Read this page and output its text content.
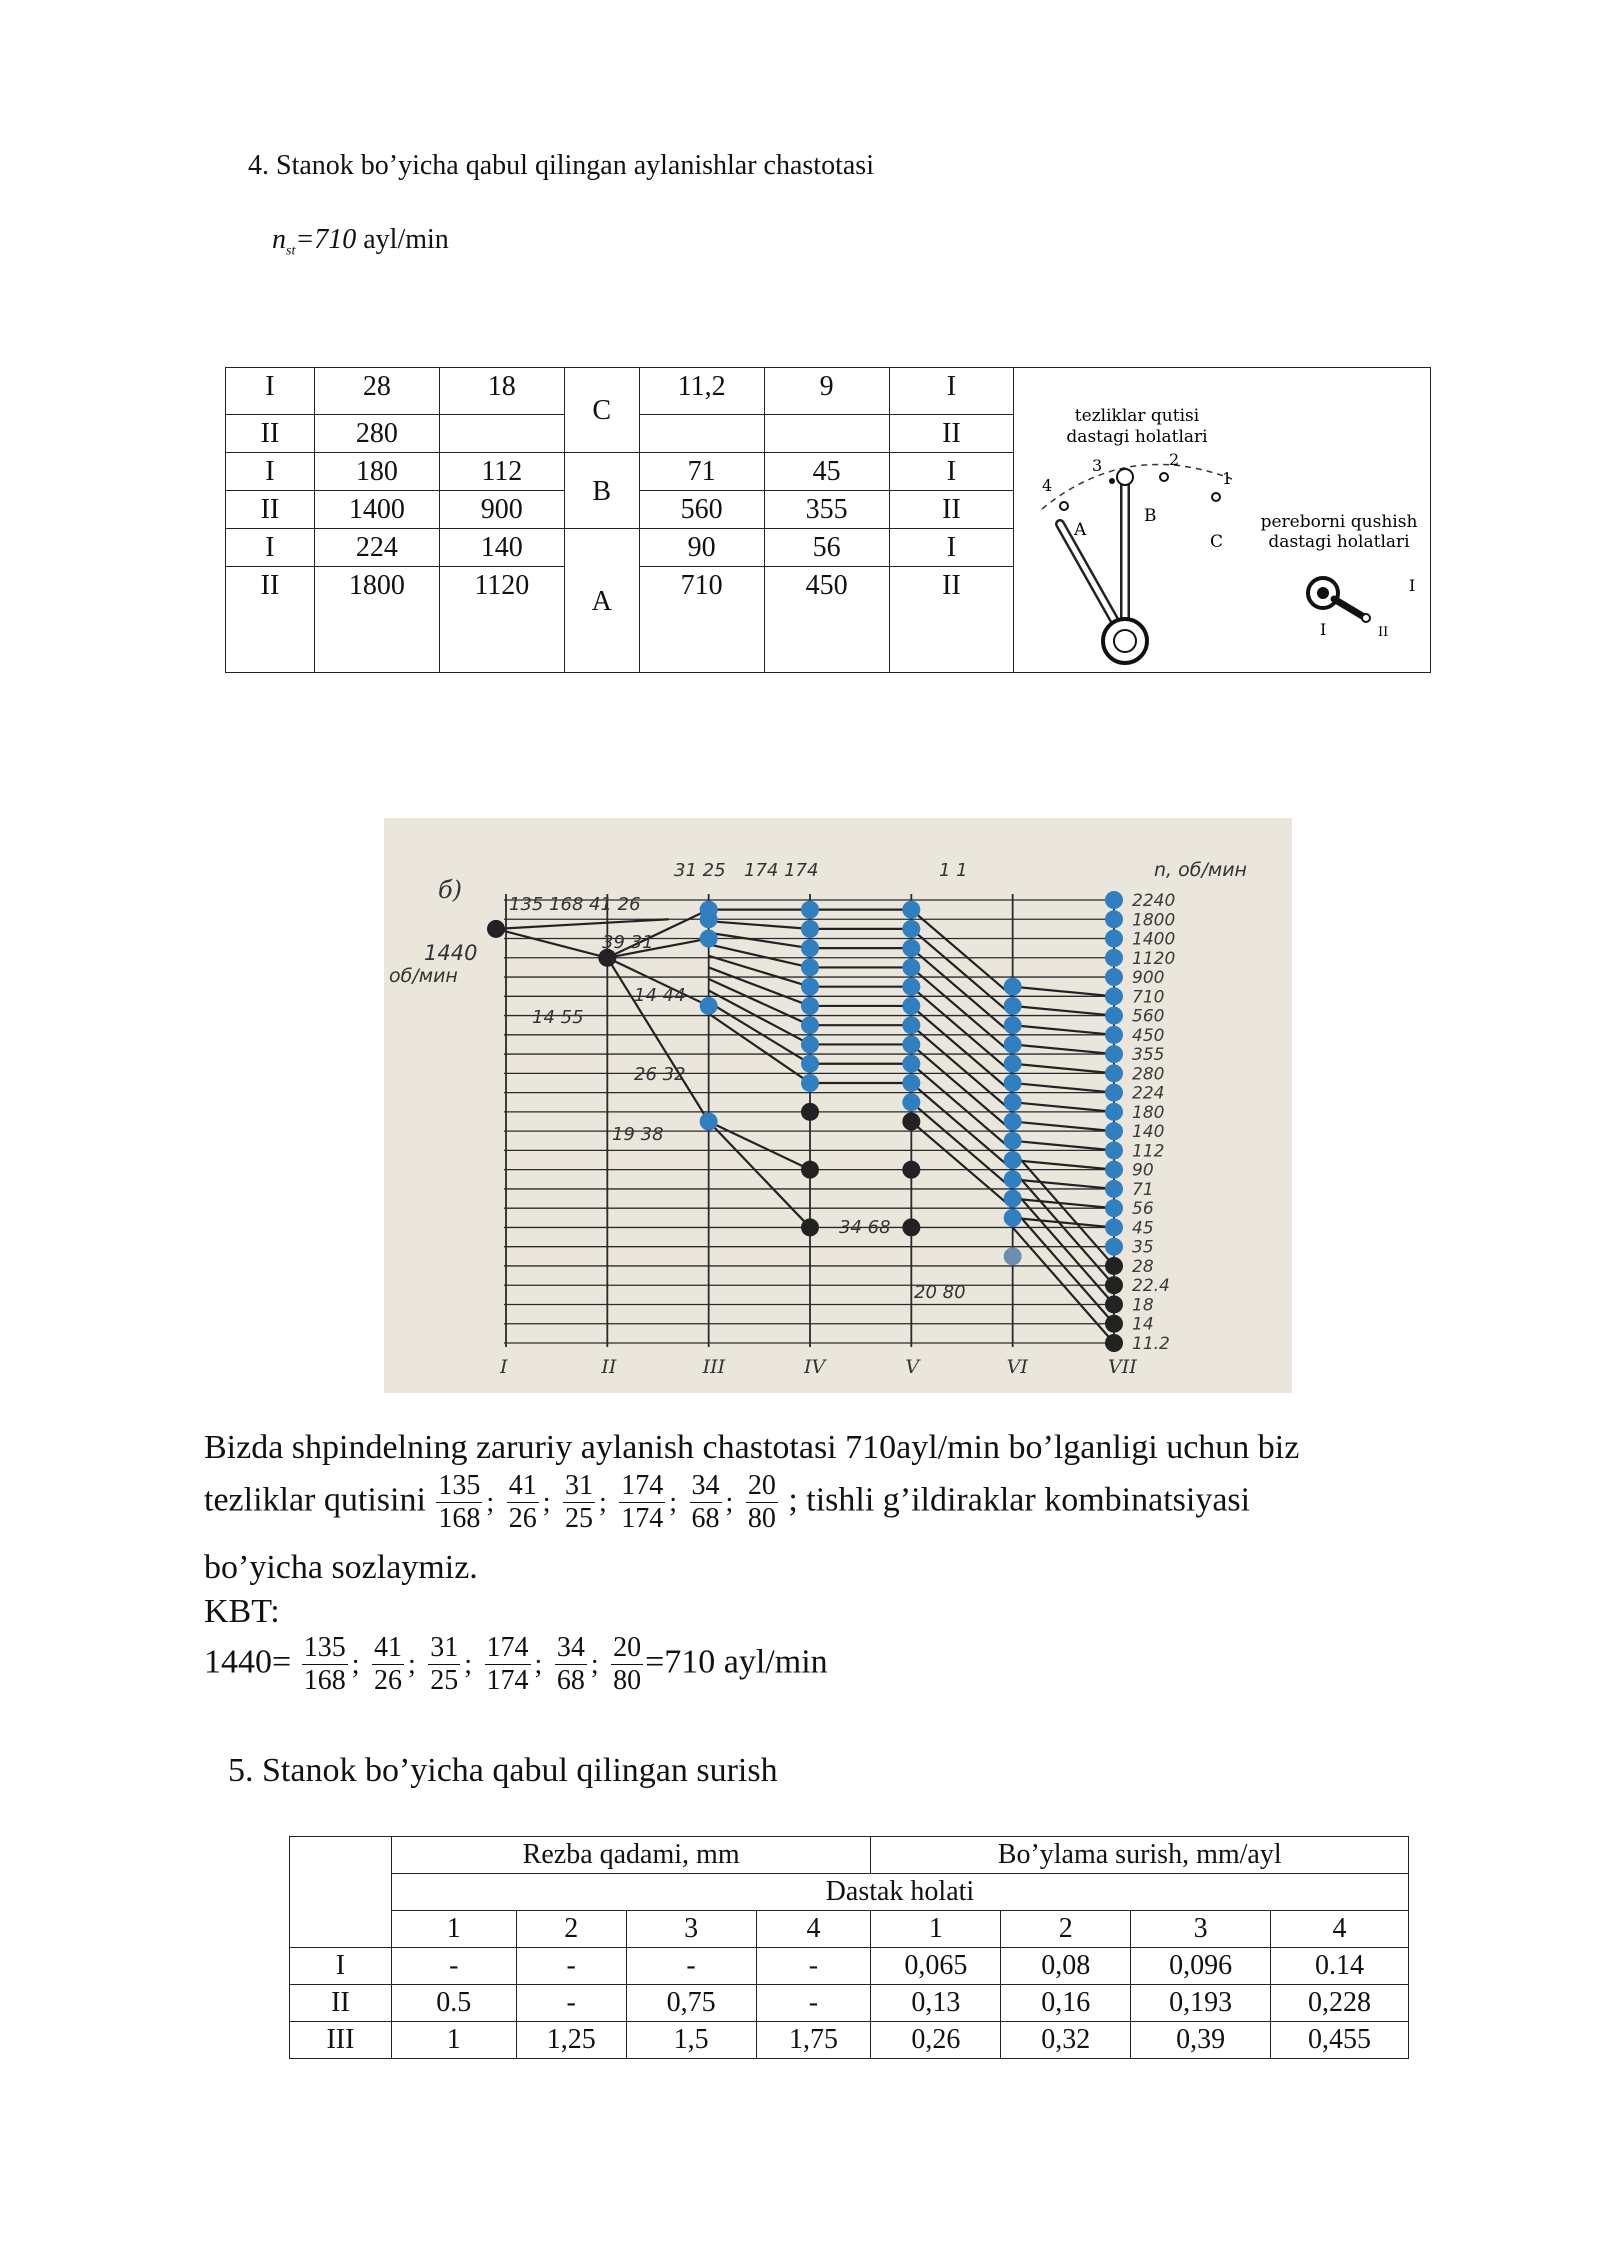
4. Stanok bo’yicha qabul qilingan aylanishlar chastotasi
$n_{st}=710$ ayl/min
I	28	18	C	11,2	9	I	
II	280					II	
I	180	112	B	71	45	I	
II	1400	900		560	355	II	
I	224	140	A	90	56	I	
II	1800	1120		710	450	II	
tezliklar qutisi
dastagi holatlari
4
3	2
1
A
B
C
pereborni qushish
dastagi holatlari
I
I	II
б)
1440
об/мин
n, об/мин
I	II	III	IV	V	VI	VII
2240
1800
1400
1120
900
710
560
450
355
280
224
180
140
112
90
71
56
45
35
28
22.4
18
14
11.2
135 168 41 26
31 25 174 174	1 1
39 31
14 44
14 55
26 32
19 38
34 68
20 80
Bizda shpindelning zaruriy aylanish chastotasi 710ayl/min bo’lganligi uchun biz
tezliklar qutisini $\frac{135}{168}$ ; $\frac{41}{26}$ ; $\frac{31}{25}$ ; $\frac{174}{174}$ ; $\frac{34}{68}$ ; $\frac{20}{80}$ ; tishli g’ildiraklar kombinatsiyasi
bo’yicha sozlaymiz.
KBT:
$1440= \frac{135}{168}$ ; $\frac{41}{26}$ ; $\frac{31}{25}$ ; $\frac{174}{174}$ ; $\frac{34}{68}$ ; $\frac{20}{80} =710$ ayl/min
5. Stanok bo’yicha qabul qilingan surish
	Rezba qadami, mm				Bo’ylama surish, mm/ayl			
	Dastak holati							
	1	2	3	4	1	2	3	4
I	-	-	-	-	0,065	0,08	0,096	0.14
II	0.5	-	0,75	-	0,13	0,16	0,193	0,228
III	1	1,25	1,5	1,75	0,26	0,32	0,39	0,455
